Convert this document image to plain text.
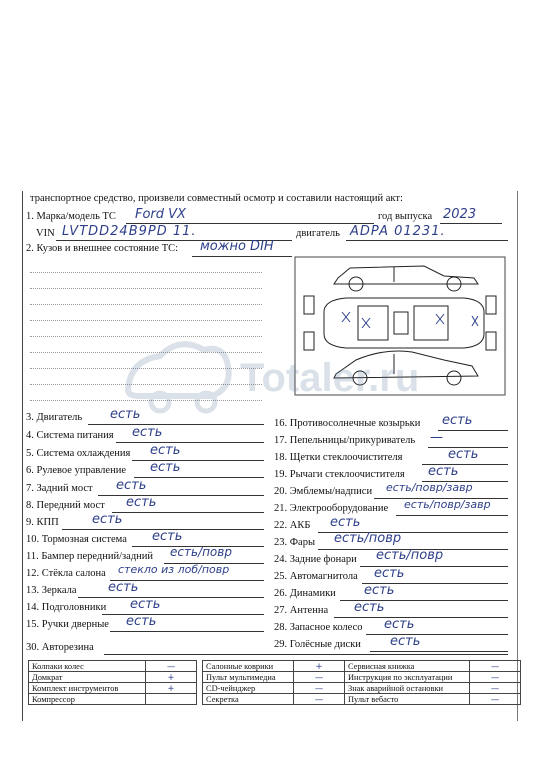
транспортное средство, произвели совместный осмотр и составили настоящий акт:
1. Марка/модель ТС Ford VX	год выпуска 2023
VIN LVTDD24B9PD 11.	двигатель ADPA 01231.
2. Кузов и внешнее состояние ТС: можно DIH
Totaler.ru
3. Двигатель есть
4. Система питания есть
5. Система охлаждения есть
6. Рулевое управление есть
7. Задний мост есть
8. Передний мост есть
9. КПП	есть
10. Тормозная система есть
11. Бампер передний/задний есть/повр
12. Стёкла салона стекло из лоб/повр
13. Зеркала есть
14. Подголовники есть
15. Ручки дверные есть
16. Противосолнечные козырьки есть
17. Пепельницы/прикуриватель —
18. Щетки стеклоочистителя	есть
19. Рычаги стеклоочистителя есть
20. Эмблемы/надписи есть/повр/завр
21. Электрооборудование есть/повр/завр
22. АКБ есть
23. Фары есть/повр
24. Задние фонари есть/повр
25. Автомагнитола есть
26. Динамики есть
27. Антенна есть
28. Запасное колесо есть
29. Голёсные диски есть
30. Авторезина
Колпаки колес	—
Домкрат	+
Комплект инструментов	+
Компрессор	
Салонные коврики	+
Пульт мультимедиа	—
CD-чейнджер	—
Секретка	—
Сервисная книжка	—
Инструкция по эксплуатации	—
Знак аварийной остановки	—
Пульт вебасто	—
